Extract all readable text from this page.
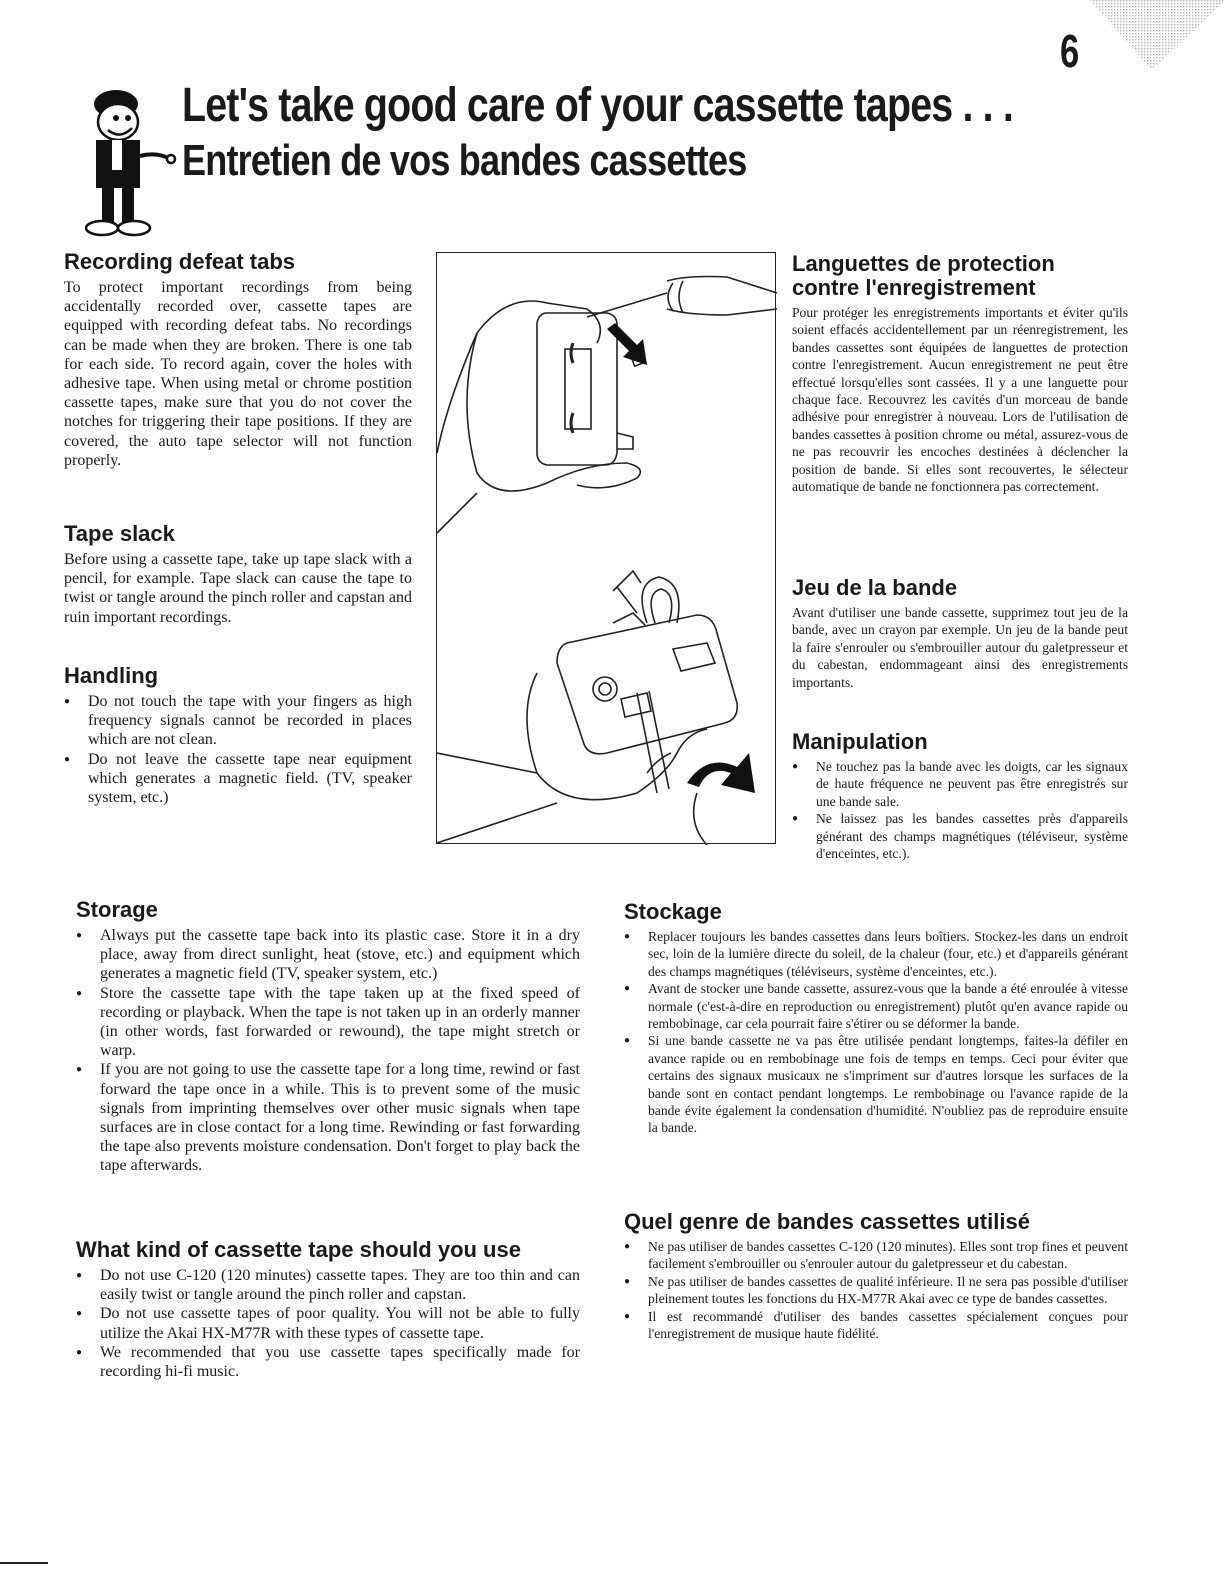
6
Let's take good care of your cassette tapes . . .
Entretien de vos bandes cassettes
Recording defeat tabs

To protect important recordings from being accidentally recorded over, cassette tapes are equipped with recording defeat tabs. No recordings can be made when they are broken. There is one tab for each side. To record again, cover the holes with adhesive tape. When using metal or chrome postition cassette tapes, make sure that you do not cover the notches for triggering their tape positions. If they are covered, the auto tape selector will not function properly.

Tape slack

Before using a cassette tape, take up tape slack with a pencil, for example. Tape slack can cause the tape to twist or tangle around the pinch roller and capstan and ruin important recordings.

Handling
● Do not touch the tape with your fingers as high frequency signals cannot be recorded in places which are not clean.
● Do not leave the cassette tape near equipment which generates a magnetic field. (TV, speaker system, etc.)
Languettes de protection contre l'enregistrement

Pour protéger les enregistrements importants et éviter qu'ils soient effacés accidentellement par un réenregistrement, les bandes cassettes sont équipées de languettes de protection contre l'enregistrement. Aucun enregistrement ne peut être effectué lorsqu'elles sont cassées. Il y a une languette pour chaque face. Recouvrez les cavités d'un morceau de bande adhésive pour enregistrer à nouveau. Lors de l'utilisation de bandes cassettes à position chrome ou métal, assurez-vous de ne pas recouvrir les encoches destinées à déclencher la position de bande. Si elles sont recouvertes, le sélecteur automatique de bande ne fonctionnera pas correctement.

Jeu de la bande

Avant d'utiliser une bande cassette, supprimez tout jeu de la bande, avec un crayon par exemple. Un jeu de la bande peut la faire s'enrouler ou s'embrouiller autour du galetpresseur et du cabestan, endommageant ainsi des enregistrements importants.

Manipulation
● Ne touchez pas la bande avec les doigts, car les signaux de haute fréquence ne peuvent pas être enregistrés sur une bande sale.
● Ne laissez pas les bandes cassettes près d'appareils générant des champs magnétiques (téléviseur, système d'enceintes, etc.).
Storage
● Always put the cassette tape back into its plastic case. Store it in a dry place, away from direct sunlight, heat (stove, etc.) and equipment which generates a magnetic field (TV, speaker system, etc.)
● Store the cassette tape with the tape taken up at the fixed speed of recording or playback. When the tape is not taken up in an orderly manner (in other words, fast forwarded or rewound), the tape might stretch or warp.
● If you are not going to use the cassette tape for a long time, rewind or fast forward the tape once in a while. This is to prevent some of the music signals from imprinting themselves over other music signals when tape surfaces are in close contact for a long time. Rewinding or fast forwarding the tape also prevents moisture condensation. Don't forget to play back the tape afterwards.
What kind of cassette tape should you use
● Do not use C-120 (120 minutes) cassette tapes. They are too thin and can easily twist or tangle around the pinch roller and capstan.
● Do not use cassette tapes of poor quality. You will not be able to fully utilize the Akai HX-M77R with these types of cassette tape.
● We recommended that you use cassette tapes specifically made for recording hi-fi music.
Stockage
● Replacer toujours les bandes cassettes dans leurs boîtiers. Stockez-les dans un endroit sec, loin de la lumière directe du soleil, de la chaleur (four, etc.) et d'appareils générant des champs magnétiques (téléviseurs, système d'enceintes, etc.).
● Avant de stocker une bande cassette, assurez-vous que la bande a été enroulée à vitesse normale (c'est-à-dire en reproduction ou enregistrement) plutôt qu'en avance rapide ou rembobinage, car cela pourrait faire s'étirer ou se déformer la bande.
● Si une bande cassette ne va pas être utilisée pendant longtemps, faites-la défiler en avance rapide ou en rembobinage une fois de temps en temps. Ceci pour éviter que certains des signaux musicaux ne s'impriment sur d'autres lorsque les surfaces de la bande sont en contact pendant longtemps. Le rembobinage ou l'avance rapide de la bande évite également la condensation d'humidité. N'oubliez pas de reproduire ensuite la bande.
Quel genre de bandes cassettes utilisé
● Ne pas utiliser de bandes cassettes C-120 (120 minutes). Elles sont trop fines et peuvent facilement s'embrouiller ou s'enrouler autour du galetpresseur et du cabestan.
● Ne pas utiliser de bandes cassettes de qualité inférieure. Il ne sera pas possible d'utiliser pleinement toutes les fonctions du HX-M77R Akai avec ce type de bandes cassettes.
● Il est recommandé d'utiliser des bandes cassettes spécialement conçues pour l'enregistrement de musique haute fidélité.
